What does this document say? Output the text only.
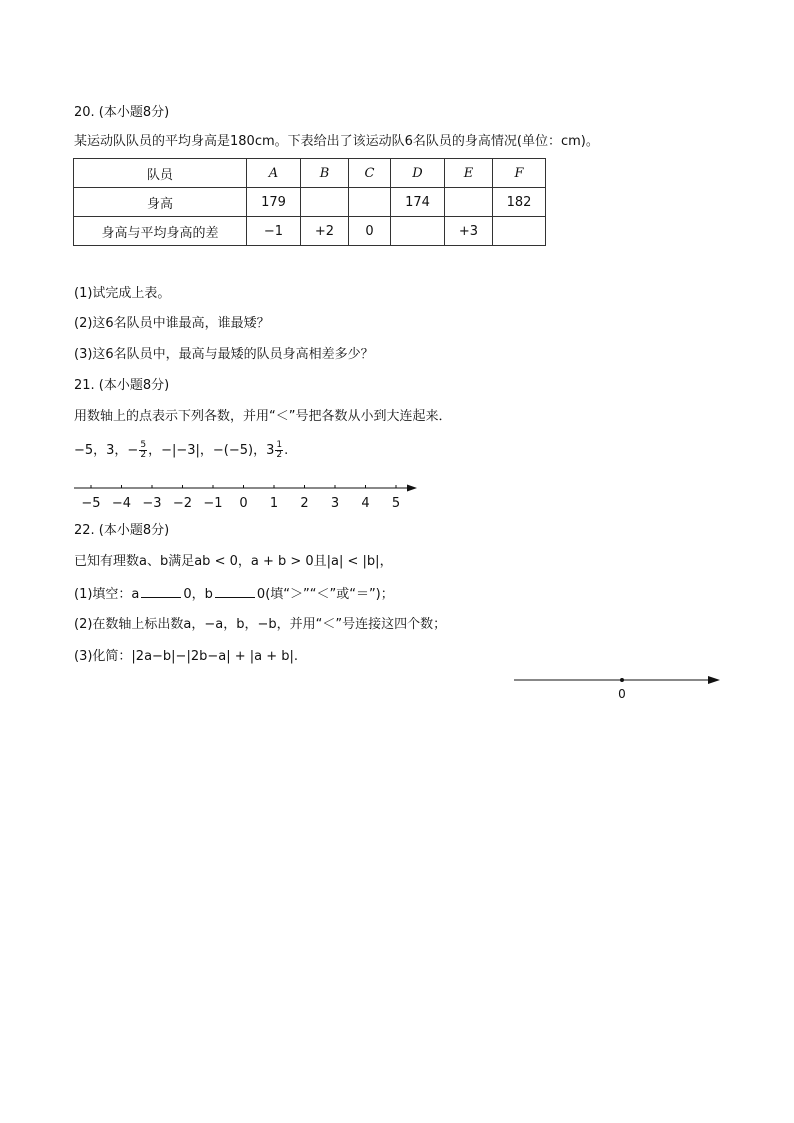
20. (本小题8分)
某运动队队员的平均身高是180cm。下表给出了该运动队6名队员的身高情况(单位：cm)。
队员	A	B	C	D	E	F
身高	179			174		182
身高与平均身高的差	−1	+2	0		+3	
(1)试完成上表。
(2)这6名队员中谁最高，谁最矮？
(3)这6名队员中，最高与最矮的队员身高相差多少？
21. (本小题8分)
用数轴上的点表示下列各数，并用“＜”号把各数从小到大连起来．
−5，3，− $\frac{5}{2}$ ，−|−3|，−(−5)，$3 \frac{1}{2}$ .
−5 −4 −3 −2 −1 0 1 2 3 4 5
22. (本小题8分)
已知有理数a、b满足ab < 0，a + b > 0且|a| < |b|，
(1)填空：a	0，b	0(填“＞”“＜”或“＝”)；
(2)在数轴上标出数a，−a，b，−b，并用“＜”号连接这四个数；
(3)化简：|2a−b|−|2b−a| + |a + b|.
0
